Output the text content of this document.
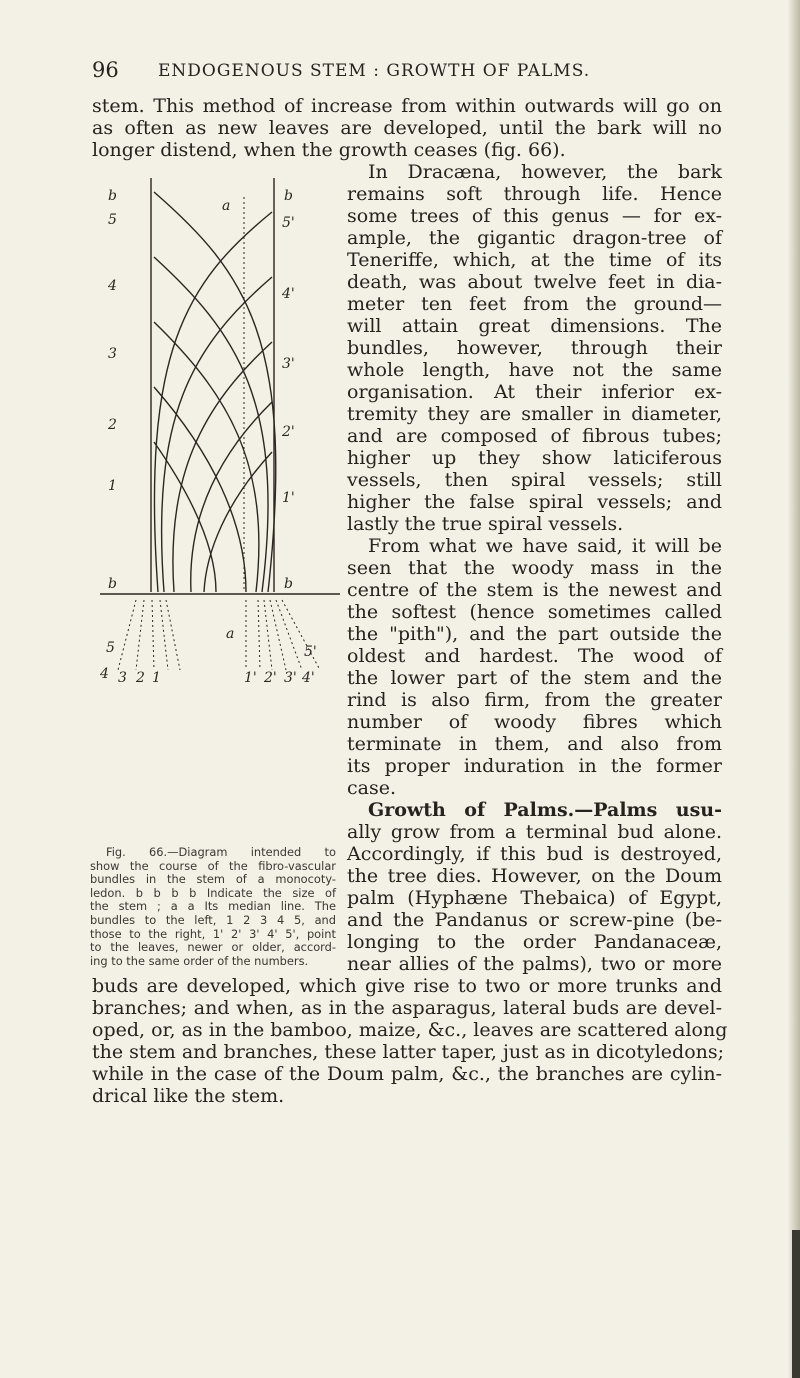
96 ENDOGENOUS STEM : GROWTH OF PALMS.

stem. This method of increase from within outwards will go on

as often as new leaves are developed, until the bark will no

longer distend, when the growth ceases (fig. 66).

In Dracæna, however, the bark

remains soft through life. Hence

some trees of this genus — for ex-

ample, the gigantic dragon-tree of

Teneriffe, which, at the time of its

death, was about twelve feet in dia-

meter ten feet from the ground—

will attain great dimensions. The

bundles, however, through their

whole length, have not the same

organisation. At their inferior ex-

tremity they are smaller in diameter,

and are composed of fibrous tubes;

higher up they show laticiferous

vessels, then spiral vessels; still

higher the false spiral vessels; and

lastly the true spiral vessels.

From what we have said, it will be

seen that the woody mass in the

centre of the stem is the newest and

the softest (hence sometimes called

the "pith"), and the part outside the

oldest and hardest. The wood of

the lower part of the stem and the

rind is also firm, from the greater

number of woody fibres which

terminate in them, and also from

its proper induration in the former

case.

Growth of Palms.—Palms usu-

ally grow from a terminal bud alone.

Accordingly, if this bud is destroyed,

the tree dies. However, on the Doum

palm (Hyphæne Thebaica) of Egypt,

and the Pandanus or screw-pine (be-

longing to the order Pandanaceæ,

near allies of the palms), two or more

buds are developed, which give rise to two or more trunks and

branches; and when, as in the asparagus, lateral buds are devel-

oped, or, as in the bamboo, maize, &c., leaves are scattered along

the stem and branches, these latter taper, just as in dicotyledons;

while in the case of the Doum palm, &c., the branches are cylin-

drical like the stem.

Fig. 66.—Diagram intended to

show the course of the fibro-vascular

bundles in the stem of a monocoty-

ledon. b b b b Indicate the size of

the stem ; a a Its median line. The

bundles to the left, 1 2 3 4 5, and

those to the right, 1' 2' 3' 4' 5', point

to the leaves, newer or older, accord-

ing to the same order of the numbers.

b
5
4
3
2
1
b
b
5'
4'
3'
2'
1'
b
a
a
5
4 3 2 1	1' 2' 3'
5'
4'
